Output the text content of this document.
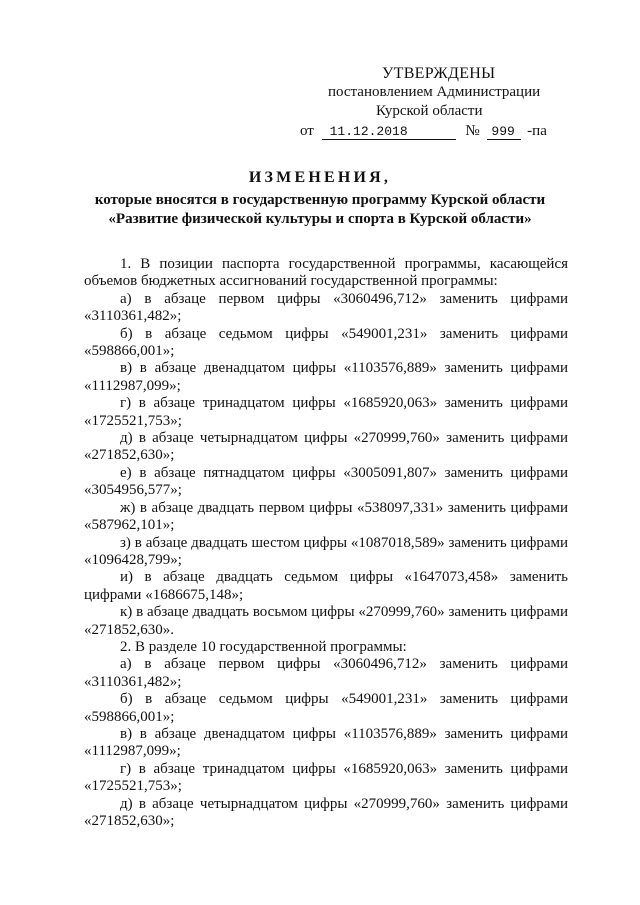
УТВЕРЖДЕНЫ
постановлением Администрации
Курской области
от 11.12.2018	№ 999 -па
ИЗМЕНЕНИЯ,
которые вносятся в государственную программу Курской области
«Развитие физической культуры и спорта в Курской области»

1. В позиции паспорта государственной программы, касающейся объемов бюджетных ассигнований государственной программы:

а) в абзаце первом цифры «3060496,712» заменить цифрами «3110361,482»;

б) в абзаце седьмом цифры «549001,231» заменить цифрами «598866,001»;

в) в абзаце двенадцатом цифры «1103576,889» заменить цифрами «1112987,099»;

г) в абзаце тринадцатом цифры «1685920,063» заменить цифрами «1725521,753»;

д) в абзаце четырнадцатом цифры «270999,760» заменить цифрами «271852,630»;

е) в абзаце пятнадцатом цифры «3005091,807» заменить цифрами «3054956,577»;

ж) в абзаце двадцать первом цифры «538097,331» заменить цифрами «587962,101»;

з) в абзаце двадцать шестом цифры «1087018,589» заменить цифрами «1096428,799»;

и) в абзаце двадцать седьмом цифры «1647073,458» заменить цифрами «1686675,148»;

к) в абзаце двадцать восьмом цифры «270999,760» заменить цифрами «271852,630».

2. В разделе 10 государственной программы:

а) в абзаце первом цифры «3060496,712» заменить цифрами «3110361,482»;

б) в абзаце седьмом цифры «549001,231» заменить цифрами «598866,001»;

в) в абзаце двенадцатом цифры «1103576,889» заменить цифрами «1112987,099»;

г) в абзаце тринадцатом цифры «1685920,063» заменить цифрами «1725521,753»;

д) в абзаце четырнадцатом цифры «270999,760» заменить цифрами «271852,630»;
